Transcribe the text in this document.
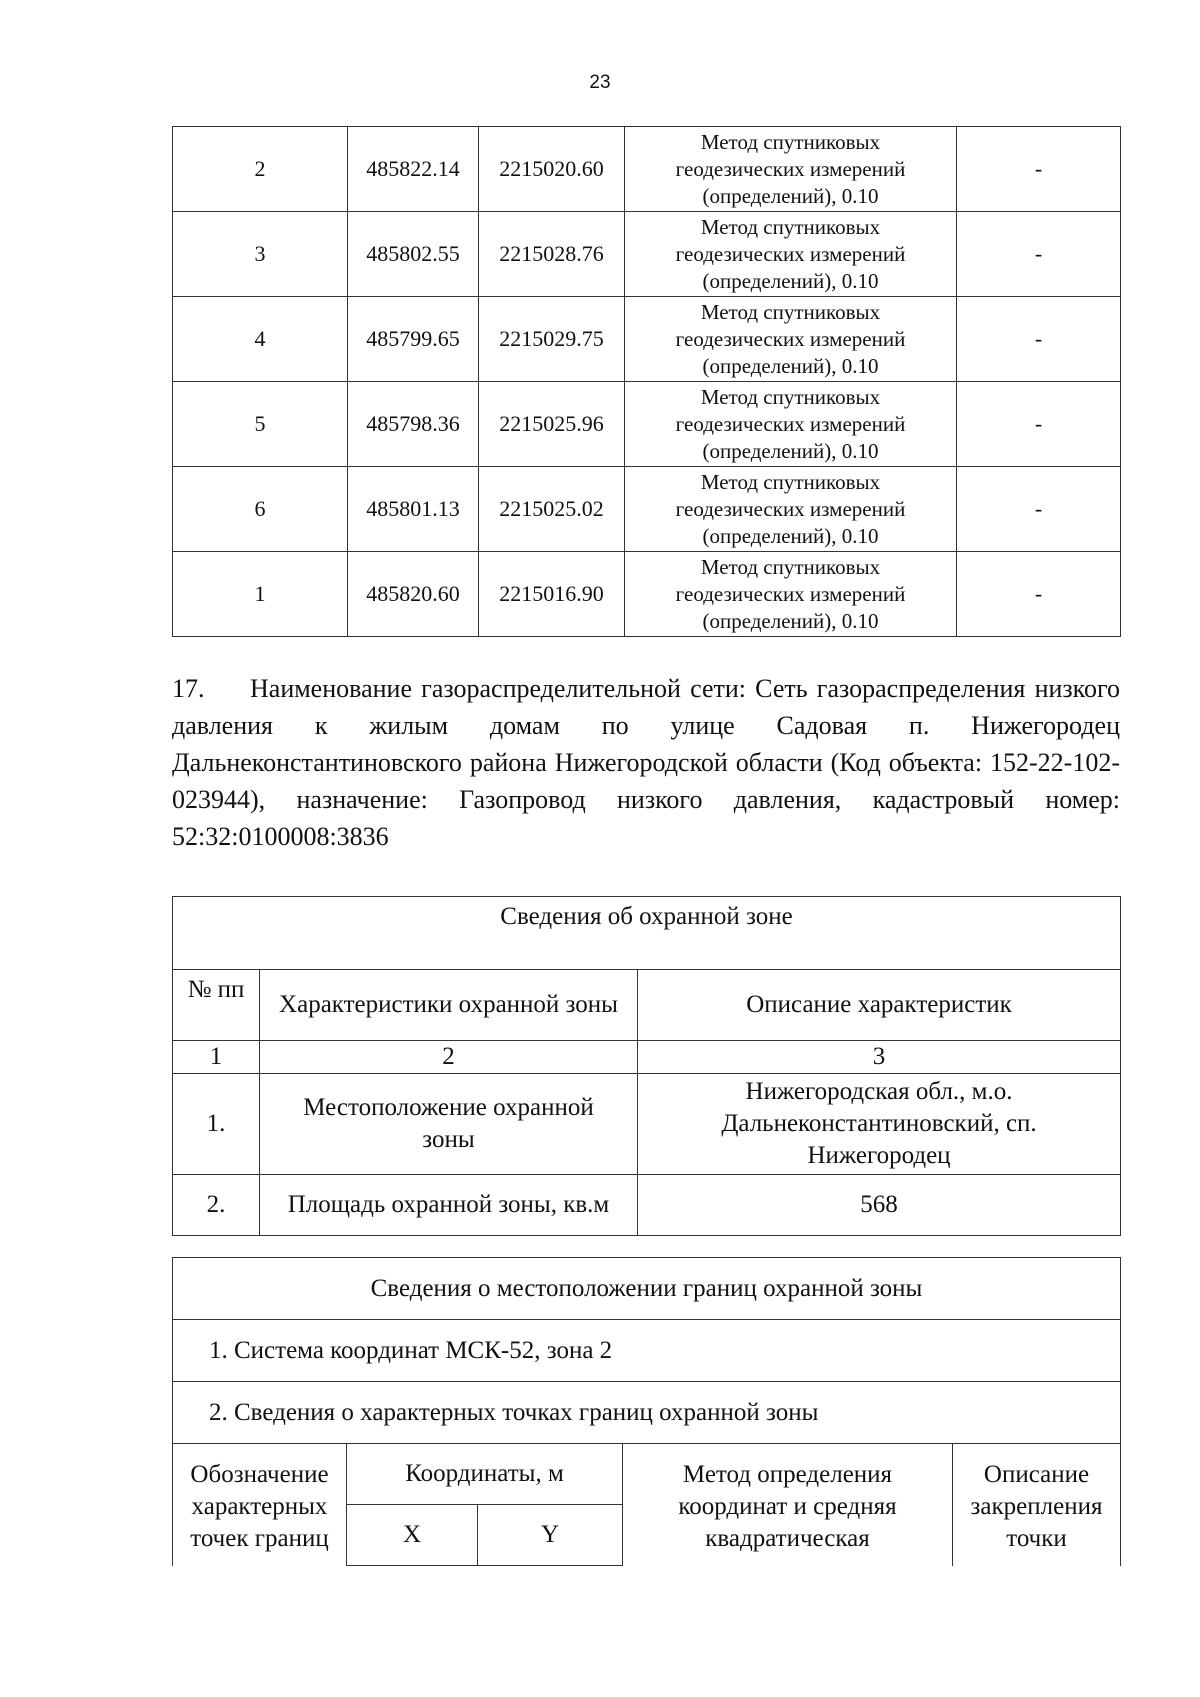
23
2	485822.14	2215020.60	Метод спутниковых
геодезических измерений
(определений), 0.10	-
3	485802.55	2215028.76	Метод спутниковых
геодезических измерений
(определений), 0.10	-
4	485799.65	2215029.75	Метод спутниковых
геодезических измерений
(определений), 0.10	-
5	485798.36	2215025.96	Метод спутниковых
геодезических измерений
(определений), 0.10	-
6	485801.13	2215025.02	Метод спутниковых
геодезических измерений
(определений), 0.10	-
1	485820.60	2215016.90	Метод спутниковых
геодезических измерений
(определений), 0.10	-

17. Наименование газораспределительной сети: Сеть газораспределения низкого давления к жилым домам по улице Садовая п. Нижегородец Дальнеконстантиновского района Нижегородской области (Код объекта: 152-22-102-023944), назначение: Газопровод низкого давления, кадастровый номер: 52:32:0100008:3836

Сведения об охранной зоне		
№ пп	Характеристики охранной зоны	Описание характеристик
1	2	3
1.	Местоположение охранной зоны	Нижегородская обл., м.о. Дальнеконстантиновский, сп. Нижегородец
2.	Площадь охранной зоны, кв.м	568
Сведения о местоположении границ охранной зоны				
1. Система координат МСК-52, зона 2				
2. Сведения о характерных точках границ охранной зоны				
Обозначение характерных точек границ	Координаты, м		Метод определения координат и средняя квадратическая	Описание закрепления точки
	X	Y		
